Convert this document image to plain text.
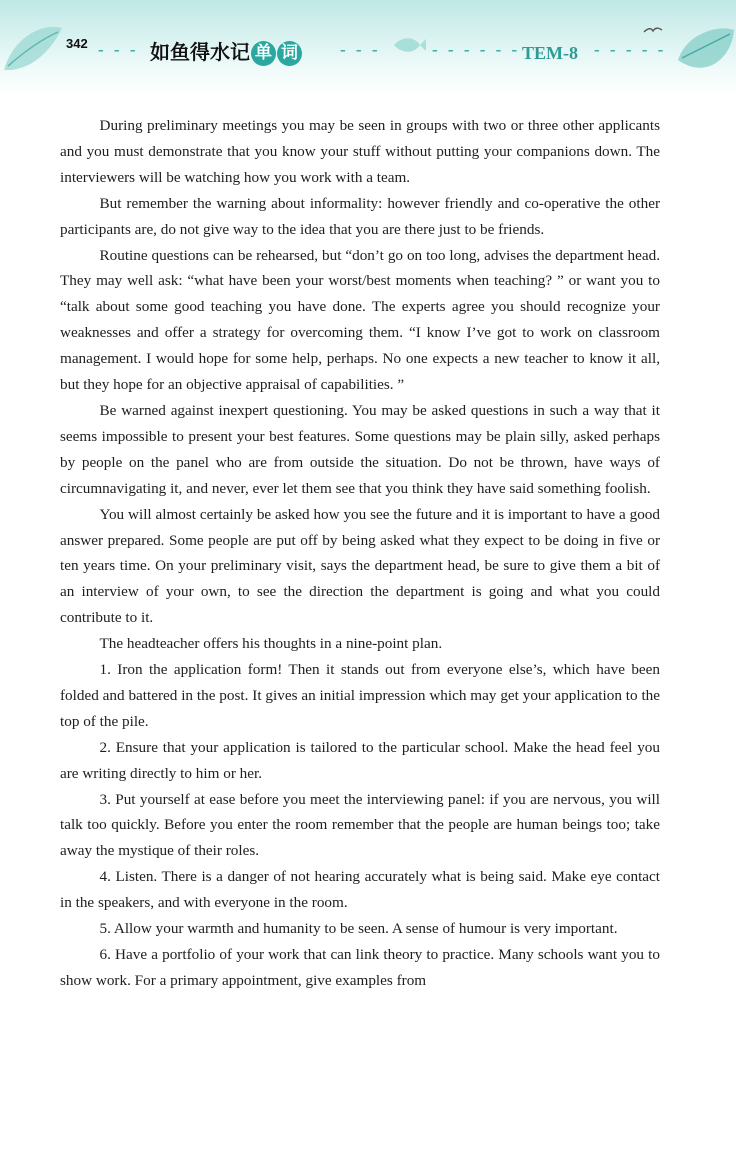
342 - - - 如鱼得水记 单 词 - - -	- - - - - - TEM-8 - - - - -

During preliminary meetings you may be seen in groups with two or three other applicants and you must demonstrate that you know your stuff without putting your companions down. The interviewers will be watching how you work with a team.

But remember the warning about informality: however friendly and co-operative the other participants are, do not give way to the idea that you are there just to be friends.

Routine questions can be rehearsed, but “don’t go on too long, advises the department head. They may well ask: “what have been your worst/best moments when teaching? ” or want you to “talk about some good teaching you have done. The experts agree you should recognize your weaknesses and offer a strategy for overcoming them. “I know I’ve got to work on classroom management. I would hope for some help, perhaps. No one expects a new teacher to know it all, but they hope for an objective appraisal of capabilities. ”

Be warned against inexpert questioning. You may be asked questions in such a way that it seems impossible to present your best features. Some questions may be plain silly, asked perhaps by people on the panel who are from outside the situation. Do not be thrown, have ways of circumnavigating it, and never, ever let them see that you think they have said something foolish.

You will almost certainly be asked how you see the future and it is important to have a good answer prepared. Some people are put off by being asked what they expect to be doing in five or ten years time. On your preliminary visit, says the department head, be sure to give them a bit of an interview of your own, to see the direction the department is going and what you could contribute to it.

The headteacher offers his thoughts in a nine-point plan.

1. Iron the application form! Then it stands out from everyone else’s, which have been folded and battered in the post. It gives an initial impression which may get your application to the top of the pile.

2. Ensure that your application is tailored to the particular school. Make the head feel you are writing directly to him or her.

3. Put yourself at ease before you meet the interviewing panel: if you are nervous, you will talk too quickly. Before you enter the room remember that the people are human beings too; take away the mystique of their roles.

4. Listen. There is a danger of not hearing accurately what is being said. Make eye contact in the speakers, and with everyone in the room.

5. Allow your warmth and humanity to be seen. A sense of humour is very important.

6. Have a portfolio of your work that can link theory to practice. Many schools want you to show work. For a primary appointment, give examples from
